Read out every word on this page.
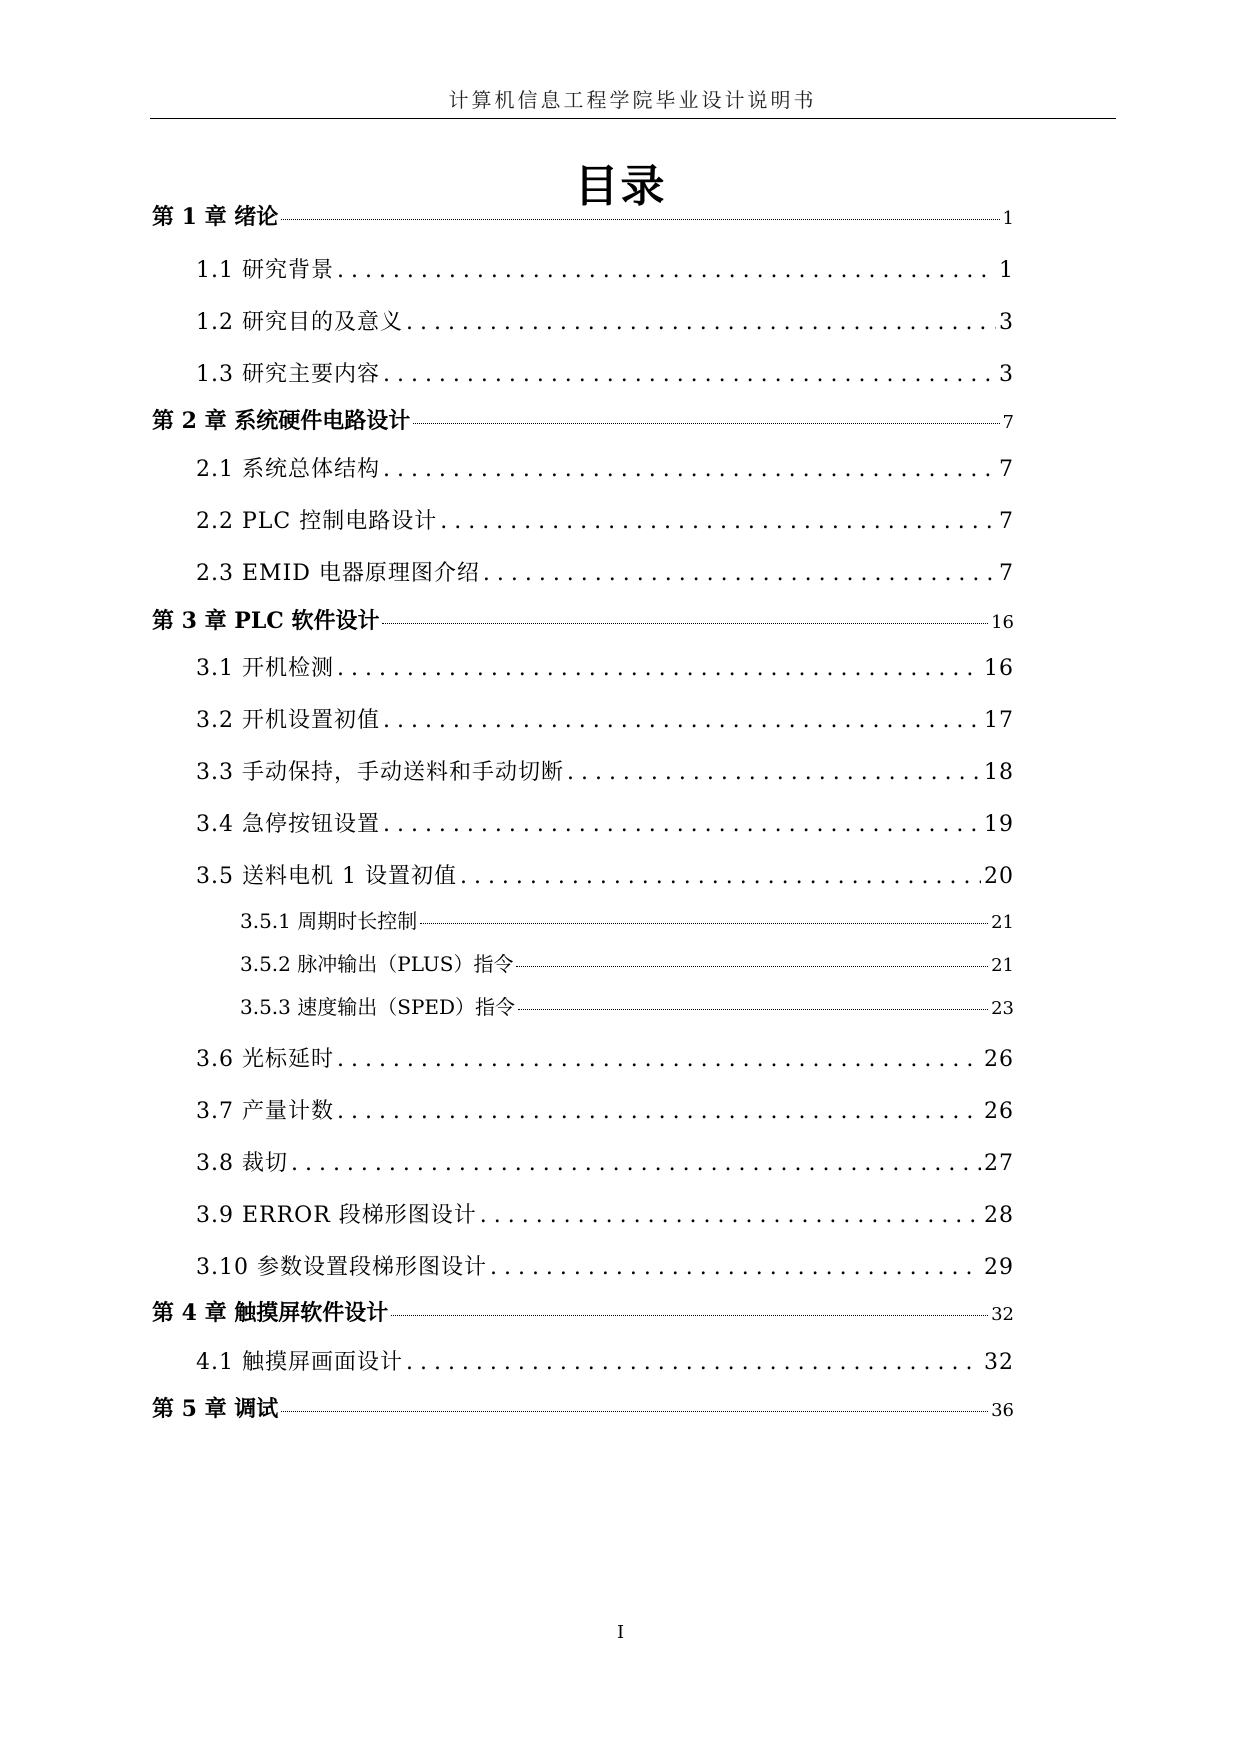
计算机信息工程学院毕业设计说明书
目录
第 1 章 绪论	1
1.1 研究背景 . . .	1
1.2 研究目的及意义 . . .	3
1.3 研究主要内容 . . .	3
第 2 章 系统硬件电路设计	7
2.1 系统总体结构 . . .	7
2.2 PLC 控制电路设计 . . .	7
2.3 EMID 电器原理图介绍 . . .	7
第 3 章 PLC 软件设计	16
3.1 开机检测 . . .	16
3.2 开机设置初值 . . .	17
3.3 手动保持，手动送料和手动切断 . . .	18
3.4 急停按钮设置 . . .	19
3.5 送料电机 1 设置初值 . . .	20
3.5.1 周期时长控制	21
3.5.2 脉冲输出（PLUS）指令	21
3.5.3 速度输出（SPED）指令	23
3.6 光标延时 . . .	26
3.7 产量计数 . . .	26
3.8 裁切 . . .	27
3.9 ERROR 段梯形图设计 . . .	28
3.10 参数设置段梯形图设计 . . .	29
第 4 章 触摸屏软件设计	32
4.1 触摸屏画面设计 . . .	32
第 5 章 调试	36
I
